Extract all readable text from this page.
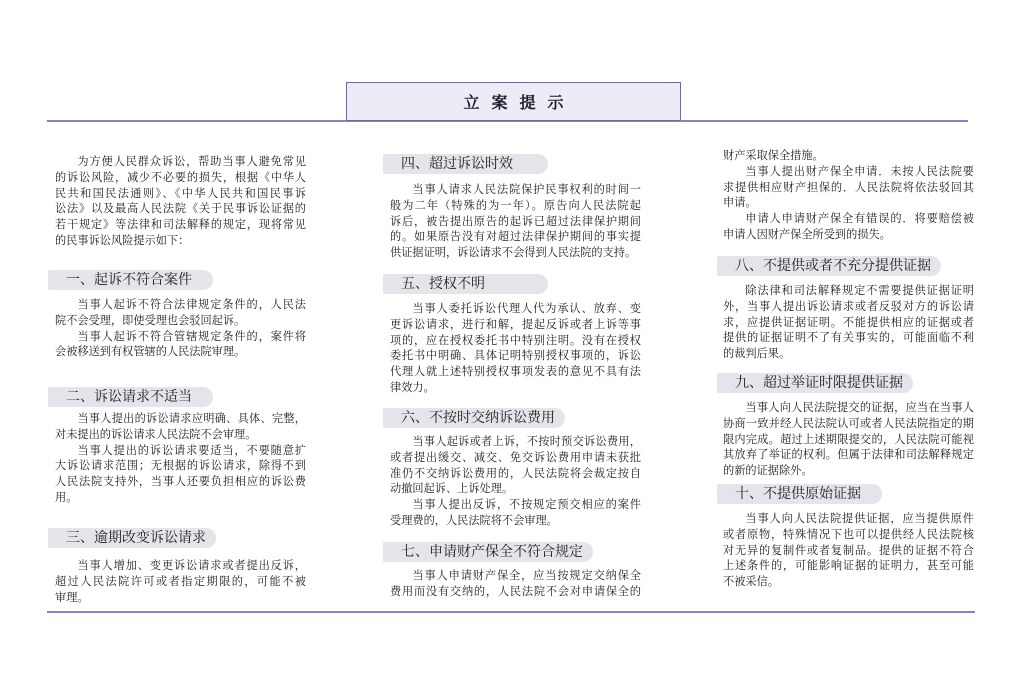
立案提示
为方便人民群众诉讼，帮助当事人避免常见
的诉讼风险，减少不必要的损失，根据《中华人
民共和国民法通则》、《中华人民共和国民事诉
讼法》以及最高人民法院《关于民事诉讼证据的
若干规定》等法律和司法解释的规定，现将常见
的民事诉讼风险提示如下：
一、起诉不符合案件
当事人起诉不符合法律规定条件的，人民法
院不会受理，即使受理也会驳回起诉。
当事人起诉不符合管辖规定条件的，案件将
会被移送到有权管辖的人民法院审理。
二、诉讼请求不适当
当事人提出的诉讼请求应明确、具体、完整，
对未提出的诉讼请求人民法院不会审理。
当事人提出的诉讼请求要适当，不要随意扩
大诉讼请求范围；无根据的诉讼请求，除得不到
人民法院支持外，当事人还要负担相应的诉讼费
用。
三、逾期改变诉讼请求
当事人增加、变更诉讼请求或者提出反诉，
超过人民法院许可或者指定期限的，可能不被
审理。
四、超过诉讼时效
当事人请求人民法院保护民事权利的时间一
般为二年（特殊的为一年）。原告向人民法院起
诉后，被告提出原告的起诉已超过法律保护期间
的。如果原告没有对超过法律保护期间的事实提
供证据证明，诉讼请求不会得到人民法院的支持。
五、授权不明
当事人委托诉讼代理人代为承认、放弃、变
更诉讼请求，进行和解，提起反诉或者上诉等事
项的，应在授权委托书中特别注明。没有在授权
委托书中明确、具体记明特别授权事项的，诉讼
代理人就上述特别授权事项发表的意见不具有法
律效力。
六、不按时交纳诉讼费用
当事人起诉或者上诉，不按时预交诉讼费用，
或者提出缓交、减交、免交诉讼费用申请未获批
准仍不交纳诉讼费用的，人民法院将会裁定按自
动撤回起诉、上诉处理。
当事人提出反诉，不按规定预交相应的案件
受理费的，人民法院将不会审理。
七、申请财产保全不符合规定
当事人申请财产保全，应当按规定交纳保全
费用而没有交纳的，人民法院不会对申请保全的
财产采取保全措施。
当事人提出财产保全申请．未按人民法院要
求提供相应财产担保的．人民法院将依法驳回其
申请。
申请人申请财产保全有错误的．将要赔偿被
申请人因财产保全所受到的损失。
八、不提供或者不充分提供证据
除法律和司法解释规定不需要提供证据证明
外，当事人提出诉讼请求或者反驳对方的诉讼请
求，应提供证据证明。不能提供相应的证据或者
提供的证据证明不了有关事实的，可能面临不利
的裁判后果。
九、超过举证时限提供证据
当事人向人民法院提交的证据，应当在当事人
协商一致并经人民法院认可或者人民法院指定的期
限内完成。超过上述期限提交的，人民法院可能视
其放弃了举证的权利。但属于法律和司法解释规定
的新的证据除外。
十、不提供原始证据
当事人向人民法院提供证据，应当提供原件
或者原物，特殊情况下也可以提供经人民法院核
对无异的复制件或者复制品。提供的证据不符合
上述条件的，可能影响证据的证明力，甚至可能
不被采信。
